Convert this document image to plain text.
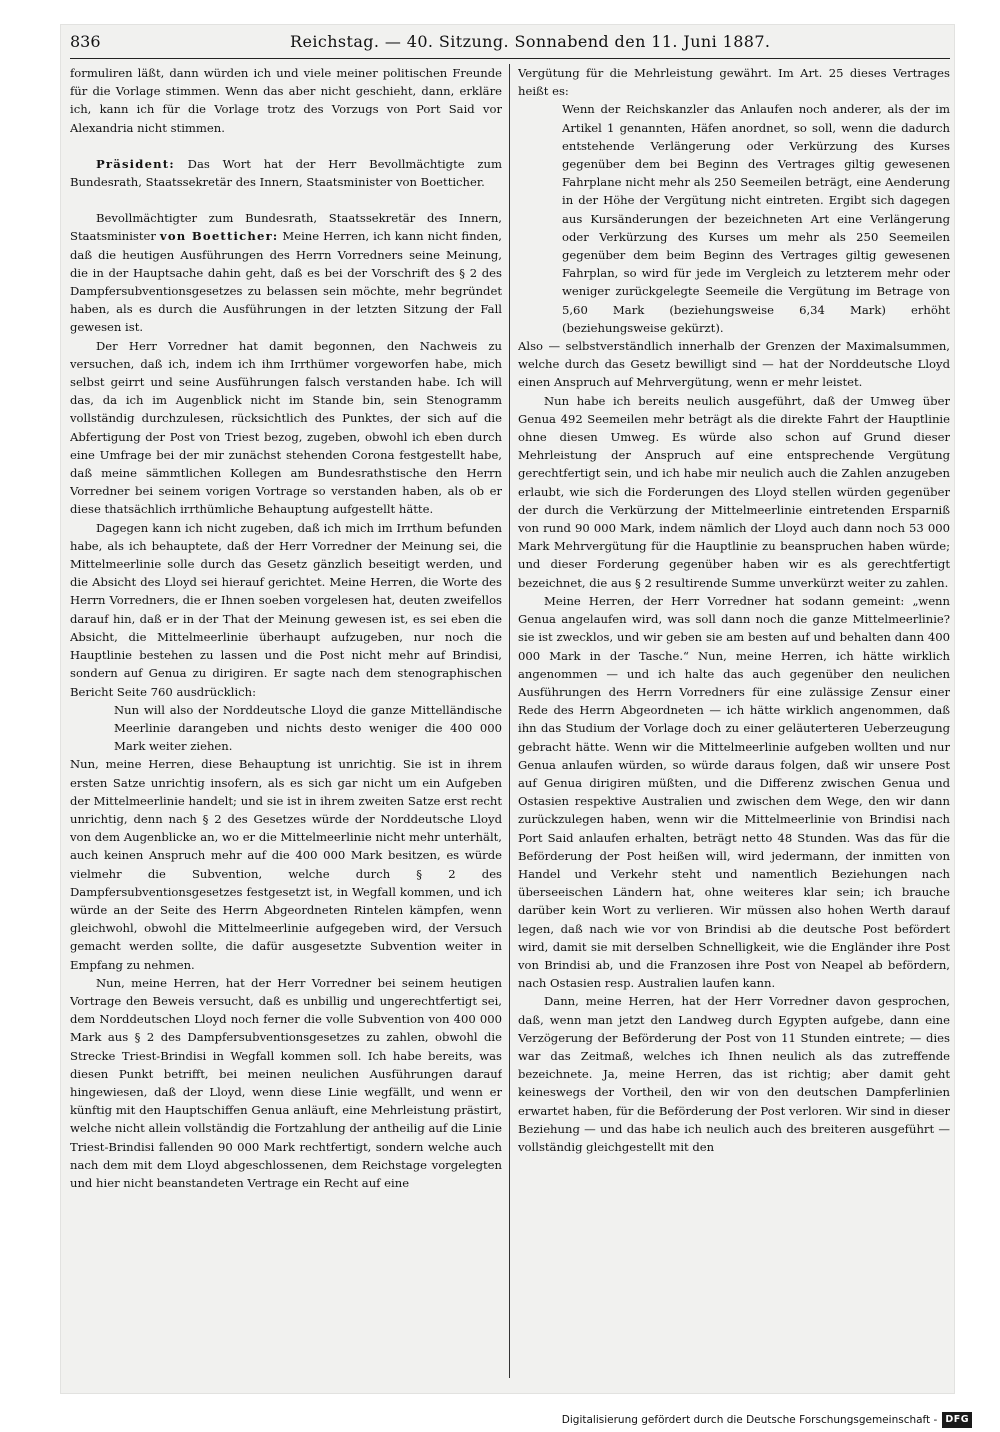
836	Reichstag. — 40. Sitzung. Sonnabend den 11. Juni 1887.

formuliren läßt, dann würden ich und viele meiner politischen Freunde für die Vorlage stimmen. Wenn das aber nicht geschieht, dann, erkläre ich, kann ich für die Vorlage trotz des Vorzugs von Port Said vor Alexandria nicht stimmen.

Präsident: Das Wort hat der Herr Bevollmächtigte zum Bundesrath, Staatssekretär des Innern, Staatsminister von Boetticher.

Bevollmächtigter zum Bundesrath, Staatssekretär des Innern, Staatsminister von Boetticher: Meine Herren, ich kann nicht finden, daß die heutigen Ausführungen des Herrn Vorredners seine Meinung, die in der Hauptsache dahin geht, daß es bei der Vorschrift des § 2 des Dampfersubventionsgesetzes zu belassen sein möchte, mehr begründet haben, als es durch die Ausführungen in der letzten Sitzung der Fall gewesen ist.

Der Herr Vorredner hat damit begonnen, den Nachweis zu versuchen, daß ich, indem ich ihm Irrthümer vorgeworfen habe, mich selbst geirrt und seine Ausführungen falsch verstanden habe. Ich will das, da ich im Augenblick nicht im Stande bin, sein Stenogramm vollständig durchzulesen, rücksichtlich des Punktes, der sich auf die Abfertigung der Post von Triest bezog, zugeben, obwohl ich eben durch eine Umfrage bei der mir zunächst stehenden Corona festgestellt habe, daß meine sämmtlichen Kollegen am Bundesrathstische den Herrn Vorredner bei seinem vorigen Vortrage so verstanden haben, als ob er diese thatsächlich irrthümliche Behauptung aufgestellt hätte.

Dagegen kann ich nicht zugeben, daß ich mich im Irrthum befunden habe, als ich behauptete, daß der Herr Vorredner der Meinung sei, die Mittelmeerlinie solle durch das Gesetz gänzlich beseitigt werden, und die Absicht des Lloyd sei hierauf gerichtet. Meine Herren, die Worte des Herrn Vorredners, die er Ihnen soeben vorgelesen hat, deuten zweifellos darauf hin, daß er in der That der Meinung gewesen ist, es sei eben die Absicht, die Mittelmeerlinie überhaupt aufzugeben, nur noch die Hauptlinie bestehen zu lassen und die Post nicht mehr auf Brindisi, sondern auf Genua zu dirigiren. Er sagte nach dem stenographischen Bericht Seite 760 ausdrücklich:

Nun will also der Norddeutsche Lloyd die ganze Mittelländische Meerlinie darangeben und nichts desto weniger die 400 000 Mark weiter ziehen.

Nun, meine Herren, diese Behauptung ist unrichtig. Sie ist in ihrem ersten Satze unrichtig insofern, als es sich gar nicht um ein Aufgeben der Mittelmeerlinie handelt; und sie ist in ihrem zweiten Satze erst recht unrichtig, denn nach § 2 des Gesetzes würde der Norddeutsche Lloyd von dem Augenblicke an, wo er die Mittelmeerlinie nicht mehr unterhält, auch keinen Anspruch mehr auf die 400 000 Mark besitzen, es würde vielmehr die Subvention, welche durch § 2 des Dampfersubventionsgesetzes festgesetzt ist, in Wegfall kommen, und ich würde an der Seite des Herrn Abgeordneten Rintelen kämpfen, wenn gleichwohl, obwohl die Mittelmeerlinie aufgegeben wird, der Versuch gemacht werden sollte, die dafür ausgesetzte Subvention weiter in Empfang zu nehmen.

Nun, meine Herren, hat der Herr Vorredner bei seinem heutigen Vortrage den Beweis versucht, daß es unbillig und ungerechtfertigt sei, dem Norddeutschen Lloyd noch ferner die volle Subvention von 400 000 Mark aus § 2 des Dampfersubventionsgesetzes zu zahlen, obwohl die Strecke Triest-Brindisi in Wegfall kommen soll. Ich habe bereits, was diesen Punkt betrifft, bei meinen neulichen Ausführungen darauf hingewiesen, daß der Lloyd, wenn diese Linie wegfällt, und wenn er künftig mit den Hauptschiffen Genua anläuft, eine Mehrleistung prästirt, welche nicht allein vollständig die Fortzahlung der antheilig auf die Linie Triest-Brindisi fallenden 90 000 Mark rechtfertigt, sondern welche auch nach dem mit dem Lloyd abgeschlossenen, dem Reichstage vorgelegten und hier nicht beanstandeten Vertrage ein Recht auf eine

Vergütung für die Mehrleistung gewährt. Im Art. 25 dieses Vertrages heißt es:

Wenn der Reichskanzler das Anlaufen noch anderer, als der im Artikel 1 genannten, Häfen anordnet, so soll, wenn die dadurch entstehende Verlängerung oder Verkürzung des Kurses gegenüber dem bei Beginn des Vertrages giltig gewesenen Fahrplane nicht mehr als 250 Seemeilen beträgt, eine Aenderung in der Höhe der Vergütung nicht eintreten. Ergibt sich dagegen aus Kursänderungen der bezeichneten Art eine Verlängerung oder Verkürzung des Kurses um mehr als 250 Seemeilen gegenüber dem beim Beginn des Vertrages giltig gewesenen Fahrplan, so wird für jede im Vergleich zu letzterem mehr oder weniger zurückgelegte Seemeile die Vergütung im Betrage von 5,60 Mark (beziehungsweise 6,34 Mark) erhöht (beziehungsweise gekürzt).

Also — selbstverständlich innerhalb der Grenzen der Maximalsummen, welche durch das Gesetz bewilligt sind — hat der Norddeutsche Lloyd einen Anspruch auf Mehrvergütung, wenn er mehr leistet.

Nun habe ich bereits neulich ausgeführt, daß der Umweg über Genua 492 Seemeilen mehr beträgt als die direkte Fahrt der Hauptlinie ohne diesen Umweg. Es würde also schon auf Grund dieser Mehrleistung der Anspruch auf eine entsprechende Vergütung gerechtfertigt sein, und ich habe mir neulich auch die Zahlen anzugeben erlaubt, wie sich die Forderungen des Lloyd stellen würden gegenüber der durch die Verkürzung der Mittelmeerlinie eintretenden Ersparniß von rund 90 000 Mark, indem nämlich der Lloyd auch dann noch 53 000 Mark Mehrvergütung für die Hauptlinie zu beanspruchen haben würde; und dieser Forderung gegenüber haben wir es als gerechtfertigt bezeichnet, die aus § 2 resultirende Summe unverkürzt weiter zu zahlen.

Meine Herren, der Herr Vorredner hat sodann gemeint: „wenn Genua angelaufen wird, was soll dann noch die ganze Mittelmeerlinie? sie ist zwecklos, und wir geben sie am besten auf und behalten dann 400 000 Mark in der Tasche.“ Nun, meine Herren, ich hätte wirklich angenommen — und ich halte das auch gegenüber den neulichen Ausführungen des Herrn Vorredners für eine zulässige Zensur einer Rede des Herrn Abgeordneten — ich hätte wirklich angenommen, daß ihn das Studium der Vorlage doch zu einer geläuterteren Ueberzeugung gebracht hätte. Wenn wir die Mittelmeerlinie aufgeben wollten und nur Genua anlaufen würden, so würde daraus folgen, daß wir unsere Post auf Genua dirigiren müßten, und die Differenz zwischen Genua und Ostasien respektive Australien und zwischen dem Wege, den wir dann zurückzulegen haben, wenn wir die Mittelmeerlinie von Brindisi nach Port Said anlaufen erhalten, beträgt netto 48 Stunden. Was das für die Beförderung der Post heißen will, wird jedermann, der inmitten von Handel und Verkehr steht und namentlich Beziehungen nach überseeischen Ländern hat, ohne weiteres klar sein; ich brauche darüber kein Wort zu verlieren. Wir müssen also hohen Werth darauf legen, daß nach wie vor von Brindisi ab die deutsche Post befördert wird, damit sie mit derselben Schnelligkeit, wie die Engländer ihre Post von Brindisi ab, und die Franzosen ihre Post von Neapel ab befördern, nach Ostasien resp. Australien laufen kann.

Dann, meine Herren, hat der Herr Vorredner davon gesprochen, daß, wenn man jetzt den Landweg durch Egypten aufgebe, dann eine Verzögerung der Beförderung der Post von 11 Stunden eintrete; — dies war das Zeitmaß, welches ich Ihnen neulich als das zutreffende bezeichnete. Ja, meine Herren, das ist richtig; aber damit geht keineswegs der Vortheil, den wir von den deutschen Dampferlinien erwartet haben, für die Beförderung der Post verloren. Wir sind in dieser Beziehung — und das habe ich neulich auch des breiteren ausgeführt — vollständig gleichgestellt mit den

Digitalisierung gefördert durch die Deutsche Forschungsgemeinschaft - DFG
